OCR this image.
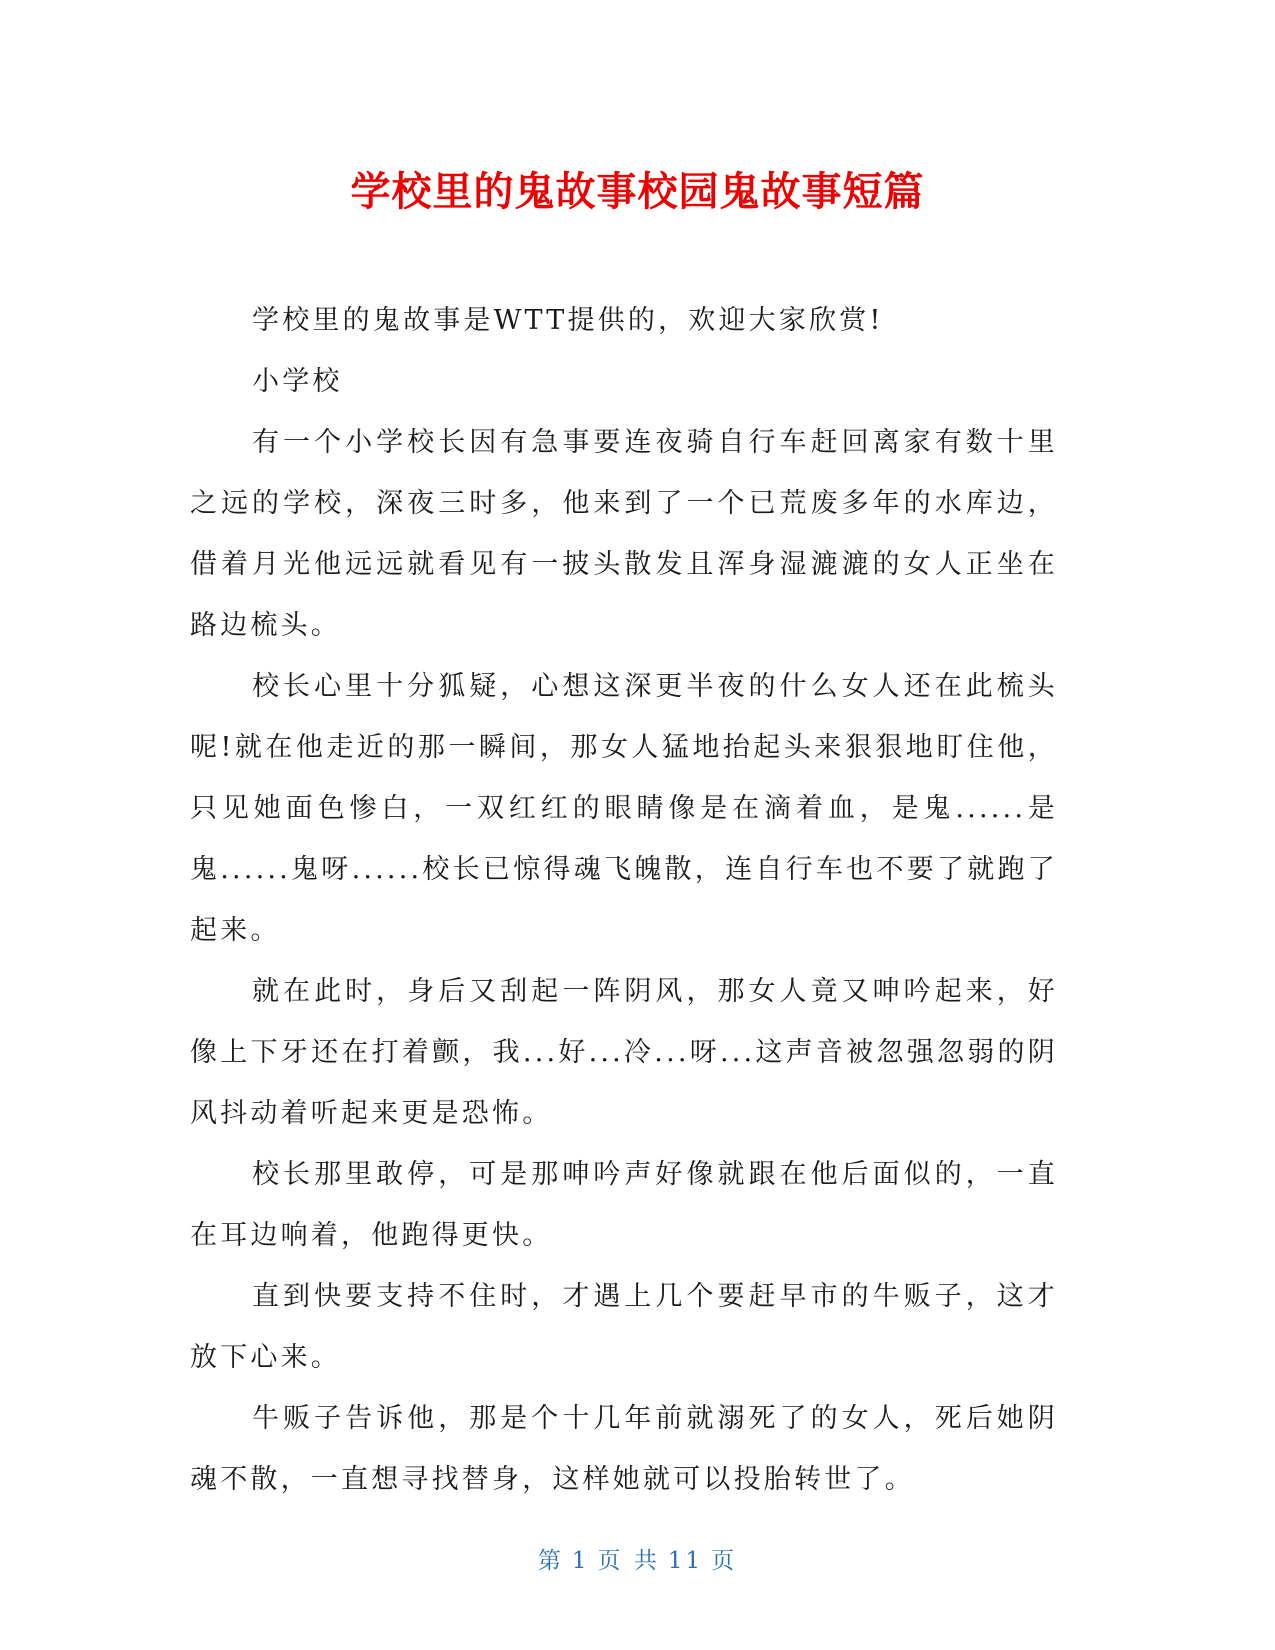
学校里的鬼故事校园鬼故事短篇

学校里的鬼故事是WTT提供的，欢迎大家欣赏!

小学校

有一个小学校长因有急事要连夜骑自行车赶回离家有数十里之远的学校，深夜三时多，他来到了一个已荒废多年的水库边，借着月光他远远就看见有一披头散发且浑身湿漉漉的女人正坐在路边梳头。

校长心里十分狐疑，心想这深更半夜的什么女人还在此梳头呢!就在他走近的那一瞬间，那女人猛地抬起头来狠狠地盯住他，只见她面色惨白，一双红红的眼睛像是在滴着血，是鬼......是鬼......鬼呀......校长已惊得魂飞魄散，连自行车也不要了就跑了起来。

就在此时，身后又刮起一阵阴风，那女人竟又呻吟起来，好像上下牙还在打着颤，我...好...冷...呀...这声音被忽强忽弱的阴风抖动着听起来更是恐怖。

校长那里敢停，可是那呻吟声好像就跟在他后面似的，一直在耳边响着，他跑得更快。

直到快要支持不住时，才遇上几个要赶早市的牛贩子，这才放下心来。

牛贩子告诉他，那是个十几年前就溺死了的女人，死后她阴魂不散，一直想寻找替身，这样她就可以投胎转世了。

第 1 页 共 11 页
